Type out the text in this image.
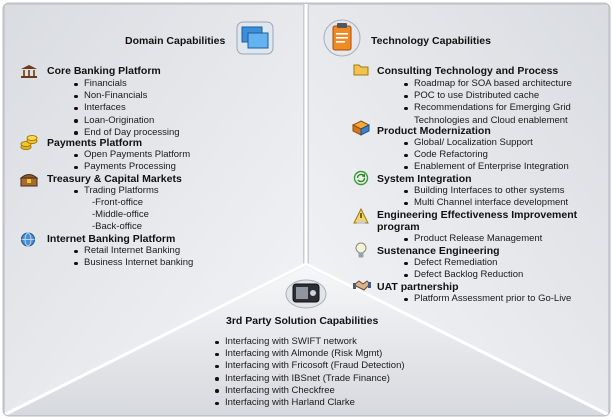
Domain Capabilities
Core Banking Platform
Financials
Non-Financials
Interfaces
Loan-Origination
End of Day processing
Payments Platform
Open Payments Platform
Payments Processing
Treasury & Capital Markets
Trading Platforms
-Front-office
-Middle-office
-Back-office
Internet Banking Platform
Retail Internet Banking
Business Internet banking
Technology Capabilities
Consulting Technology and Process
Roadmap for SOA based architecture
POC to use Distributed cache
Recommendations for Emerging Grid Technologies and Cloud enablement
Product Modernization
Global/ Localization Support
Code Refactoring
Enablement of Enterprise Integration
System Integration
Building Interfaces to other systems
Multi Channel interface development
Engineering Effectiveness Improvement program
Product Release Management
Sustenance Engineering
Defect Remediation
Defect Backlog Reduction
UAT partnership
Platform Assessment prior to Go-Live
3rd Party Solution Capabilities
Interfacing with SWIFT network
Interfacing with Almonde (Risk Mgmt)
Interfacing with Fricosoft (Fraud Detection)
Interfacing with IBSnet (Trade Finance)
Interfacing with Checkfree
Interfacing with Harland Clarke
